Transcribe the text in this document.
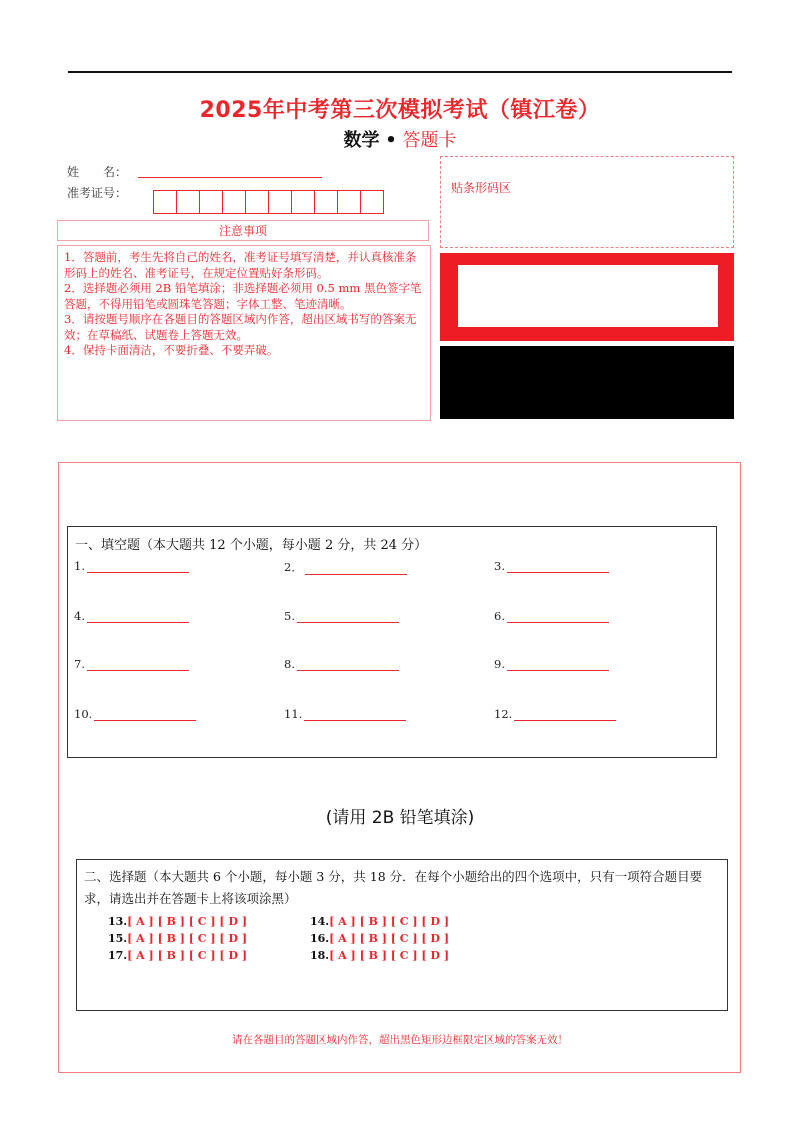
2025年中考第三次模拟考试（镇江卷）
数学 • 答题卡
姓　　名：
准考证号：
注意事项

1．答题前，考生先将自己的姓名，准考证号填写清楚，并认真核准条形码上的姓名、准考证号，在规定位置贴好条形码。

2．选择题必须用 2B 铅笔填涂；非选择题必须用 0.5 mm 黑色签字笔答题，不得用铅笔或圆珠笔答题；字体工整、笔迹清晰。

3．请按题号顺序在各题目的答题区域内作答，超出区域书写的答案无效；在草稿纸、试题卷上答题无效。

4．保持卡面清洁，不要折叠、不要弄破。

贴条形码区
一、填空题（本大题共 12 个小题，每小题 2 分，共 24 分）
1.	2．	3.
4.	5.	6.
7.	8.	9.
10.	11.	12.
(请用 2B 铅笔填涂)
二、选择题（本大题共 6 个小题，每小题 3 分，共 18 分．在每个小题给出的四个选项中，只有一项符合题目要求，请选出并在答题卡上将该项涂黑）
13.[ A ] [ B ] [ C ] [ D ]	14.[ A ] [ B ] [ C ] [ D ]
15.[ A ] [ B ] [ C ] [ D ]	16.[ A ] [ B ] [ C ] [ D ]
17.[ A ] [ B ] [ C ] [ D ]	18.[ A ] [ B ] [ C ] [ D ]
请在各题目的答题区域内作答，超出黑色矩形边框限定区域的答案无效！
